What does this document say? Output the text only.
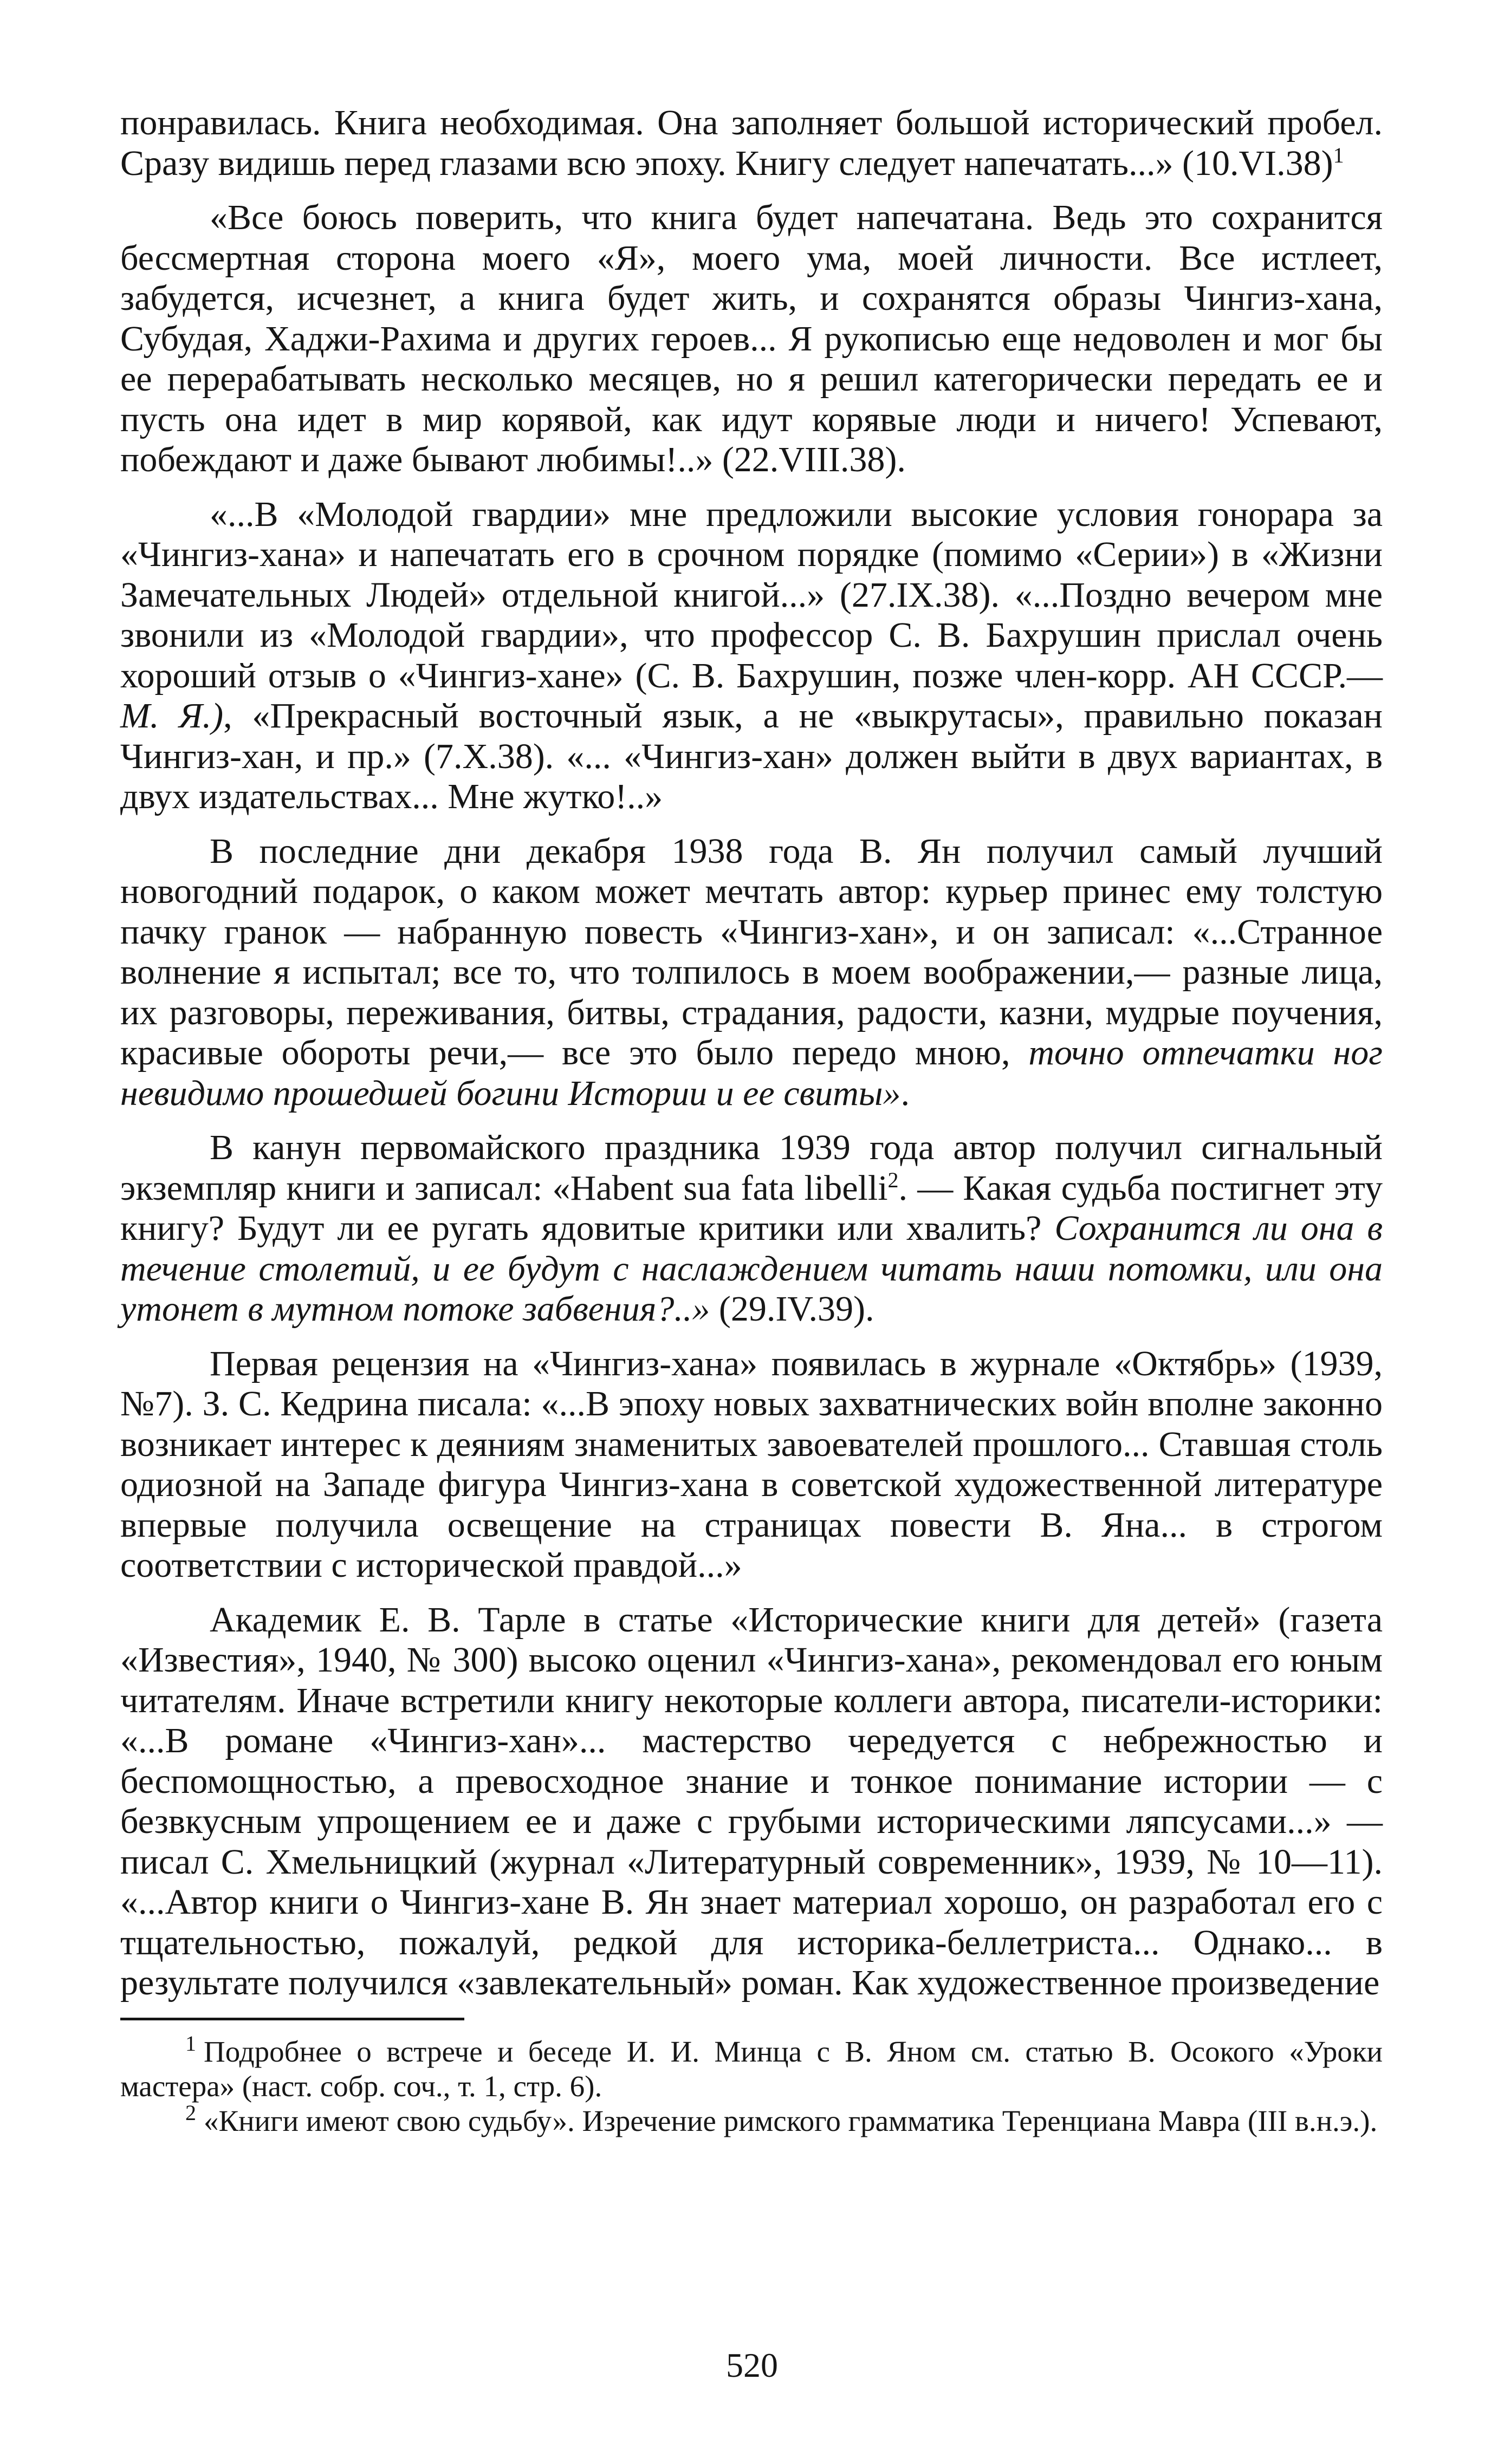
понравилась. Книга необходимая. Она заполняет большой исторический пробел. Сразу видишь перед глазами всю эпоху. Книгу следует напечатать...» $(10.VI.38)^1$

«Все боюсь поверить, что книга будет напечатана. Ведь это сохранится бессмертная сторона моего «Я», моего ума, моей личности. Все истлеет, забудется, исчезнет, а книга будет жить, и сохранятся образы Чингиз-хана, Субудая, Хаджи-Рахима и других героев... Я рукописью еще недоволен и мог бы ее перерабатывать несколько месяцев, но я решил категорически передать ее и пусть она идет в мир корявой, как идут корявые люди и ничего! Успевают, побеждают и даже бывают любимы!..» (22.VIII.38).

«...В «Молодой гвардии» мне предложили высокие условия гонорара за «Чингиз-хана» и напечатать его в срочном порядке (помимо «Серии») в «Жизни Замечательных Людей» отдельной книгой...» (27.IX.38). «...Поздно вечером мне звонили из «Молодой гвардии», что профессор С. В. Бахрушин прислал очень хороший отзыв о «Чингиз-хане» (С. В. Бахрушин, позже член-корр. АН СССР.— М. Я.), «Прекрасный восточный язык, а не «выкрутасы», правильно показан Чингиз-хан, и пр.» (7.X.38). «... «Чингиз-хан» должен выйти в двух вариантах, в двух издательствах... Мне жутко!..»

В последние дни декабря 1938 года В. Ян получил самый лучший новогодний подарок, о каком может мечтать автор: курьер принес ему толстую пачку гранок — набранную повесть «Чингиз-хан», и он записал: «...Странное волнение я испытал; все то, что толпилось в моем воображении,— разные лица, их разговоры, переживания, битвы, страдания, радости, казни, мудрые поучения, красивые обороты речи,— все это было передо мною, точно отпечатки ног невидимо прошедшей богини Истории и ее свиты».

В канун первомайского праздника 1939 года автор получил сигнальный экземпляр книги и записал: «Habent sua fata libelli$^2$. — Какая судьба постигнет эту книгу? Будут ли ее ругать ядовитые критики или хвалить? Сохранится ли она в течение столетий, и ее будут с наслаждением читать наши потомки, или она утонет в мутном потоке забвения?..» (29.IV.39).

Первая рецензия на «Чингиз-хана» появилась в журнале «Октябрь» (1939, №7). З. С. Кедрина писала: «...В эпоху новых захватнических войн вполне законно возникает интерес к деяниям знаменитых завоевателей прошлого... Ставшая столь одиозной на Западе фигура Чингиз-хана в советской художественной литературе впервые получила освещение на страницах повести В. Яна... в строгом соответствии с исторической правдой...»

Академик Е. В. Тарле в статье «Исторические книги для детей» (газета «Известия», 1940, № 300) высоко оценил «Чингиз-хана», рекомендовал его юным читателям. Иначе встретили книгу некоторые коллеги автора, писатели-историки: «...В романе «Чингиз-хан»... мастерство чередуется с небрежностью и беспомощностью, а превосходное знание и тонкое понимание истории — с безвкусным упрощением ее и даже с грубыми историческими ляпсусами...» — писал С. Хмельницкий (журнал «Литературный современник», 1939, № 10—11). «...Автор книги о Чингиз-хане В. Ян знает материал хорошо, он разработал его с тщательностью, пожалуй, редкой для историка-беллетриста... Однако... в результате получился «завлекательный» роман. Как художественное произведение

$^1$ Подробнее о встрече и беседе И. И. Минца с В. Яном см. статью В. Осокого «Уроки мастера» (наст. собр. соч., т. 1, стр. 6).

$^2$ «Книги имеют свою судьбу». Изречение римского грамматика Теренциана Мавра (III в.н.э.).

520
